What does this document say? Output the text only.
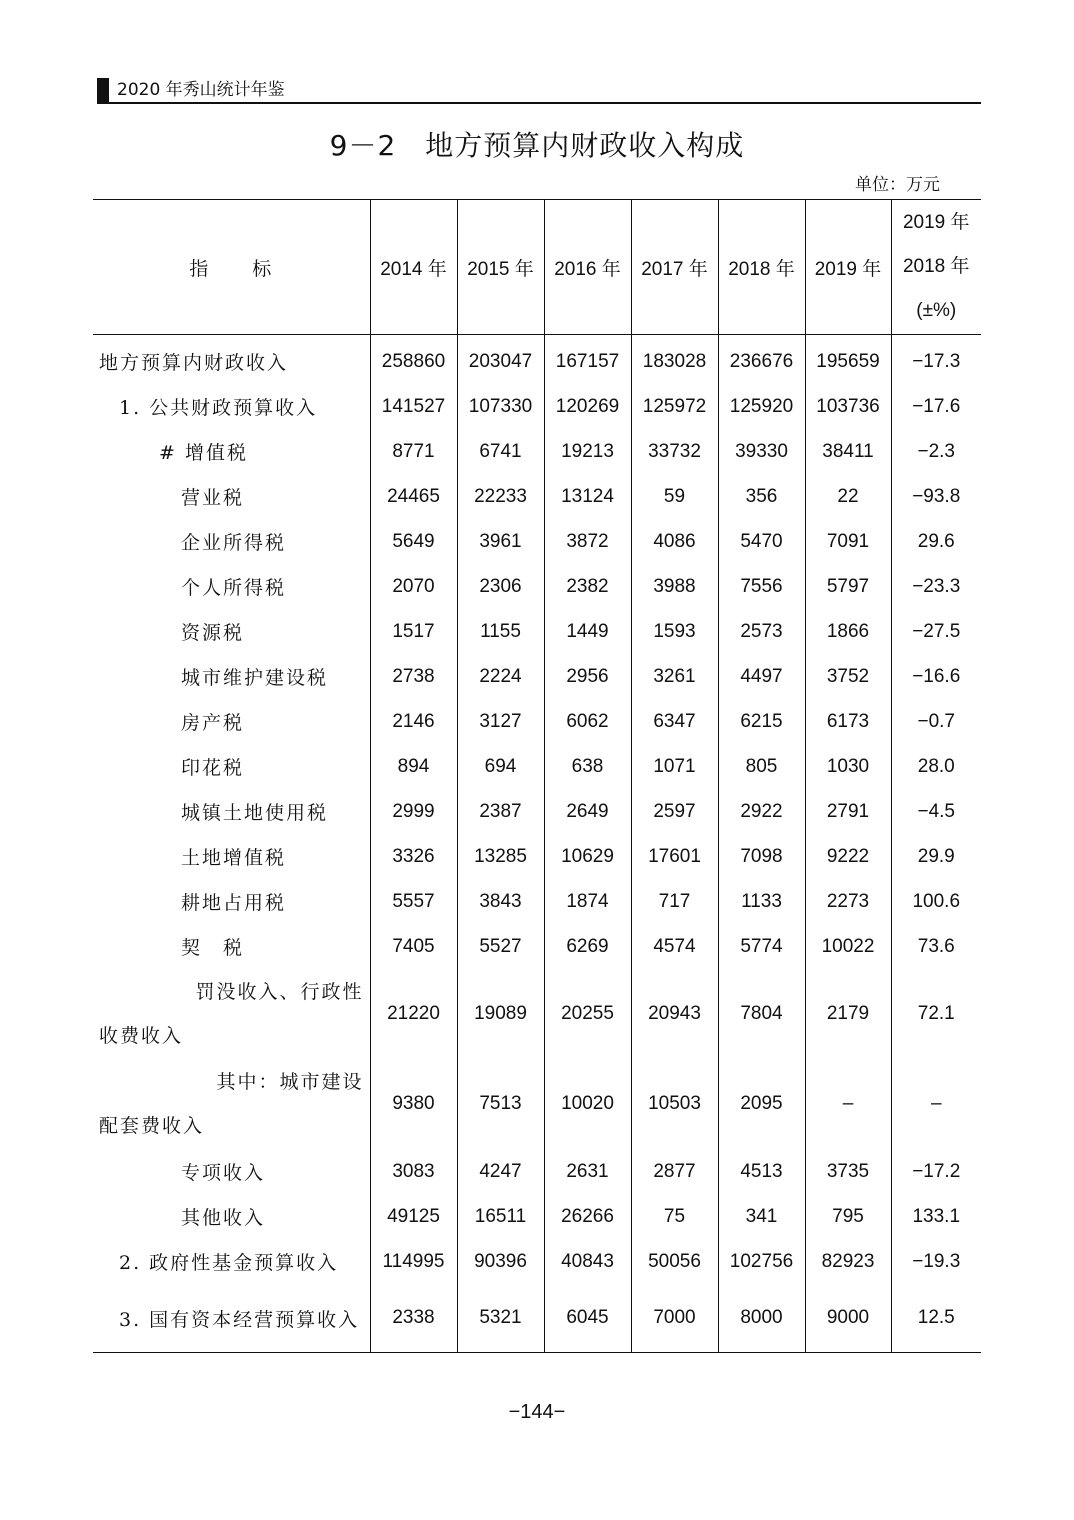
2020 年秀山统计年鉴
9－2　地方预算内财政收入构成
单位：万元
指　　标	2014 年	2015 年	2016 年	2017 年	2018 年	2019 年	2019 年
2018 年
(±%)

地方预算内财政收入	258860	203047	167157	183028	236676	195659	−17.3
1. 公共财政预算收入	141527	107330	120269	125972	125920	103736	−17.6
# 增值税	8771	6741	19213	33732	39330	38411	−2.3
营业税	24465	22233	13124	59	356	22	−93.8
企业所得税	5649	3961	3872	4086	5470	7091	29.6
个人所得税	2070	2306	2382	3988	7556	5797	−23.3
资源税	1517	1155	1449	1593	2573	1866	−27.5
城市维护建设税	2738	2224	2956	3261	4497	3752	−16.6
房产税	2146	3127	6062	6347	6215	6173	−0.7
印花税	894	694	638	1071	805	1030	28.0
城镇土地使用税	2999	2387	2649	2597	2922	2791	−4.5
土地增值税	3326	13285	10629	17601	7098	9222	29.9
耕地占用税	5557	3843	1874	717	1133	2273	100.6
契　税	7405	5527	6269	4574	5774	10022	73.6

罚没收入、行政性
收费收入	21220	19089	20255	20943	7804	2179	72.1

其中：城市建设
配套费收入	9380	7513	10020	10503	2095	–	–
专项收入	3083	4247	2631	2877	4513	3735	−17.2
其他收入	49125	16511	26266	75	341	795	133.1
2. 政府性基金预算收入	114995	90396	40843	50056	102756	82923	−19.3
3. 国有资本经营预算收入	2338	5321	6045	7000	8000	9000	12.5
−144−
